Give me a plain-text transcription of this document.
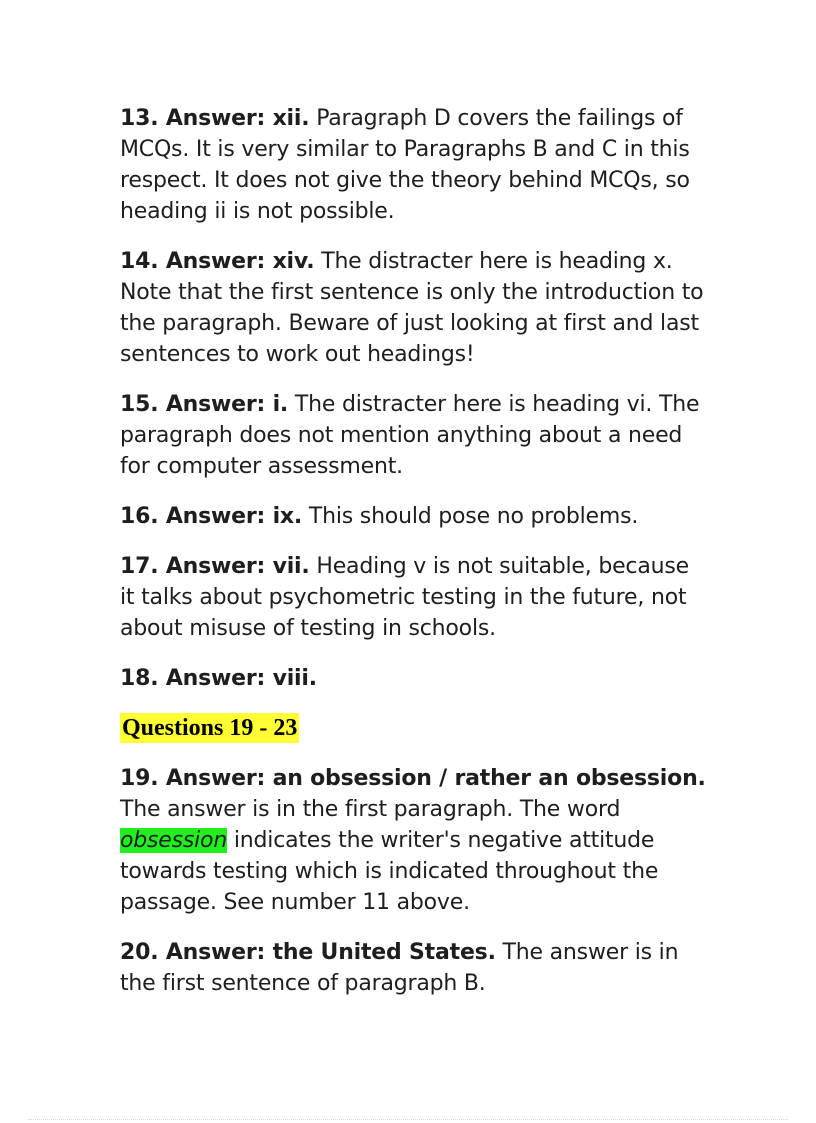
13. Answer: xii. Paragraph D covers the failings of MCQs. It is very similar to Paragraphs B and C in this respect. It does not give the theory behind MCQs, so heading ii is not possible.

14. Answer: xiv. The distracter here is heading x. Note that the first sentence is only the introduction to the paragraph. Beware of just looking at first and last sentences to work out headings!

15. Answer: i. The distracter here is heading vi. The paragraph does not mention anything about a need for computer assessment.

16. Answer: ix. This should pose no problems.

17. Answer: vii. Heading v is not suitable, because it talks about psychometric testing in the future, not about misuse of testing in schools.

18. Answer: viii.

Questions 19 - 23

19. Answer: an obsession / rather an obsession. The answer is in the first paragraph. The word obsession indicates the writer's negative attitude towards testing which is indicated throughout the passage. See number 11 above.

20. Answer: the United States. The answer is in the first sentence of paragraph B.
